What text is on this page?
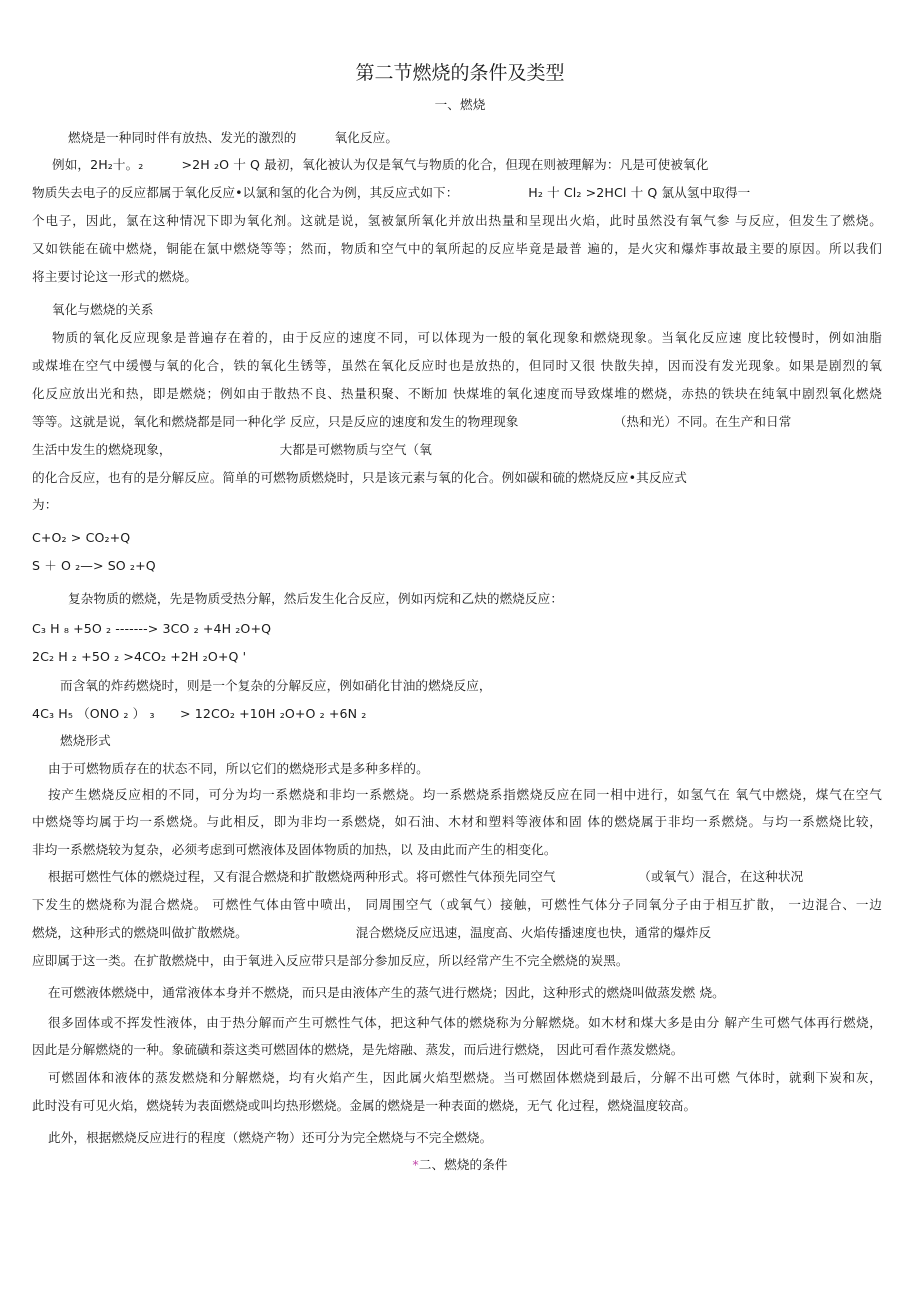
第二节燃烧的条件及类型
一、燃烧
燃烧是一种同时伴有放热、发光的激烈的　　　氧化反应。
例如，2H₂十。₂　　　>2H ₂O 十 Q 最初，氧化被认为仅是氧气与物质的化合，但现在则被理解为：凡是可使被氧化
物质失去电子的反应都属于氧化反应•以氯和氢的化合为例，其反应式如下：　　　　　　H₂ 十 Cl₂ >2HCl 十 Q 氯从氢中取得一
个电子，因此，氯在这种情况下即为氧化剂。这就是说，氢被氯所氧化并放出热量和呈现出火焰，此时虽然没有氧气参 与反应，但发生了燃烧。
又如铁能在硫中燃烧，铜能在氯中燃烧等等；然而，物质和空气中的氧所起的反应毕竟是最普 遍的，是火灾和爆炸事故最主要的原因。所以我们
将主要讨论这一形式的燃烧。
氧化与燃烧的关系
物质的氧化反应现象是普遍存在着的，由于反应的速度不同，可以体现为一般的氧化现象和燃烧现象。当氧化反应速 度比较慢时，例如油脂
或煤堆在空气中缓慢与氧的化合，铁的氧化生锈等，虽然在氧化反应时也是放热的，但同时又很 快散失掉，因而没有发光现象。如果是剧烈的氧
化反应放出光和热，即是燃烧；例如由于散热不良、热量积聚、不断加 快煤堆的氧化速度而导致煤堆的燃烧，赤热的铁块在纯氧中剧烈氧化燃烧
等等。这就是说，氧化和燃烧都是同一种化学 反应，只是反应的速度和发生的物理现象　　　　　　　　（热和光）不同。在生产和日常
生活中发生的燃烧现象，　　　　　　　　　大都是可燃物质与空气（氧
的化合反应，也有的是分解反应。简单的可燃物质燃烧时，只是该元素与氧的化合。例如碳和硫的燃烧反应•其反应式
为：
C+O₂ > CO₂+Q
S ＋ O ₂—> SO ₂+Q
复杂物质的燃烧，先是物质受热分解，然后发生化合反应，例如丙烷和乙炔的燃烧反应：
C₃ H ₈ +5O ₂ -------> 3CO ₂ +4H ₂O+Q
2C₂ H ₂ +5O ₂ >4CO₂ +2H ₂O+Q '
而含氧的炸药燃烧时，则是一个复杂的分解反应，例如硝化甘油的燃烧反应，
4C₃ H₅ （ONO ₂ ） ₃　　> 12CO₂ +10H ₂O+O ₂ +6N ₂
燃烧形式
由于可燃物质存在的状态不同，所以它们的燃烧形式是多种多样的。
按产生燃烧反应相的不同，可分为均一系燃烧和非均一系燃烧。均一系燃烧系指燃烧反应在同一相中进行，如氢气在 氧气中燃烧，煤气在空气
中燃烧等均属于均一系燃烧。与此相反，即为非均一系燃烧，如石油、木材和塑料等液体和固 体的燃烧属于非均一系燃烧。与均一系燃烧比较，
非均一系燃烧较为复杂，必须考虑到可燃液体及固体物质的加热，以 及由此而产生的相变化。
根据可燃性气体的燃烧过程，又有混合燃烧和扩散燃烧两种形式。将可燃性气体预先同空气　　　　　　　（或氧气）混合，在这种状况
下发生的燃烧称为混合燃烧。 可燃性气体由管中喷出， 同周围空气（或氧气）接触，可燃性气体分子同氧分子由于相互扩散， 一边混合、一边
燃烧，这种形式的燃烧叫做扩散燃烧。　　　　　　　　　混合燃烧反应迅速，温度高、火焰传播速度也快，通常的爆炸反
应即属于这一类。在扩散燃烧中，由于氧进入反应带只是部分参加反应，所以经常产生不完全燃烧的炭黑。
在可燃液体燃烧中，通常液体本身并不燃烧，而只是由液体产生的蒸气进行燃烧；因此，这种形式的燃烧叫做蒸发燃 烧。
很多固体或不挥发性液体，由于热分解而产生可燃性气体，把这种气体的燃烧称为分解燃烧。如木材和煤大多是由分 解产生可燃气体再行燃烧，
因此是分解燃烧的一种。象硫磺和萘这类可燃固体的燃烧，是先熔融、蒸发，而后进行燃烧， 因此可看作蒸发燃烧。
可燃固体和液体的蒸发燃烧和分解燃烧，均有火焰产生，因此属火焰型燃烧。当可燃固体燃烧到最后，分解不出可燃 气体时，就剩下炭和灰，
此时没有可见火焰，燃烧转为表面燃烧或叫均热形燃烧。金属的燃烧是一种表面的燃烧，无气 化过程，燃烧温度较高。
此外，根据燃烧反应进行的程度（燃烧产物）还可分为完全燃烧与不完全燃烧。
*二、燃烧的条件
